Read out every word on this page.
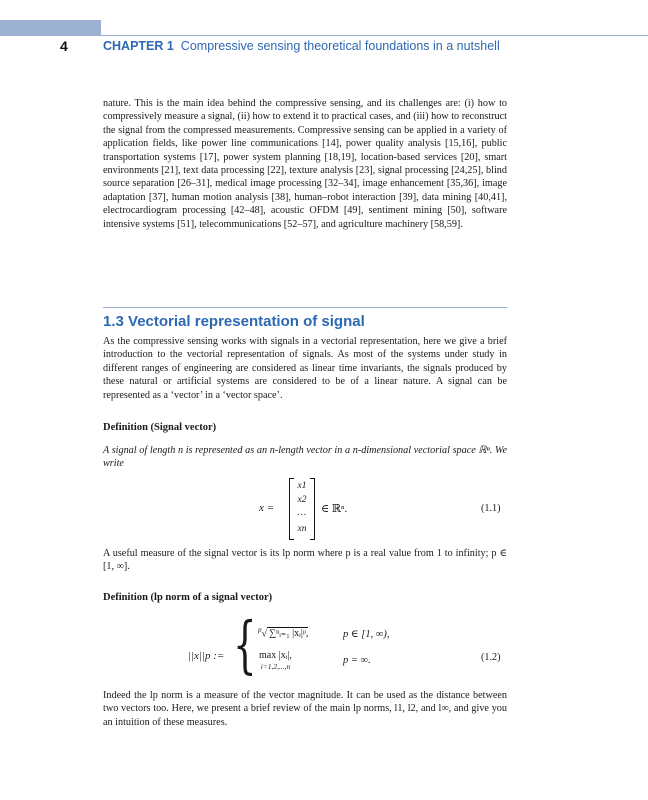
4	CHAPTER 1 Compressive sensing theoretical foundations in a nutshell

nature. This is the main idea behind the compressive sensing, and its challenges are: (i) how to compressively measure a signal, (ii) how to extend it to practical cases, and (iii) how to reconstruct the signal from the compressed measurements. Compressive sensing can be applied in a variety of application fields, like power line communications [14], power quality analysis [15,16], public transportation systems [17], power system planning [18,19], location-based services [20], smart environments [21], text data processing [22], texture analysis [23], signal processing [24,25], blind source separation [26–31], medical image processing [32–34], image enhancement [35,36], image adaptation [37], human motion analysis [38], human–robot interaction [39], data mining [40,41], electrocardiogram processing [42–48], acoustic OFDM [49], sentiment mining [50], software intensive systems [51], telecommunications [52–57], and agriculture machinery [58,59].

1.3 Vectorial representation of signal

As the compressive sensing works with signals in a vectorial representation, here we give a brief introduction to the vectorial representation of signals. As most of the systems under study in different ranges of engineering are considered as linear time invariants, the signals produced by these natural or artificial systems are considered to be of a linear nature. A signal can be represented as a ‘vector’ in a ‘vector space’.

Definition (Signal vector)

A signal of length n is represented as an n-length vector in a n-dimensional vectorial space ℝⁿ. We write

x =
x1
x2
…
xn
∈ ℝⁿ.	(1.1)

A useful measure of the signal vector is its lp norm where p is a real value from 1 to infinity; p ∈ [1, ∞].

Definition (lp norm of a signal vector)
||x||p := { $^p$√ ∑ⁿᵢ₌₁ |xᵢ|ᵖ,	p ∈ [1, ∞),
max |xᵢ|,
i=1,2,...,n
p = ∞.	(1.2)

Indeed the lp norm is a measure of the vector magnitude. It can be used as the distance between two vectors too. Here, we present a brief review of the main lp norms, l1, l2, and l∞, and give you an intuition of these measures.
